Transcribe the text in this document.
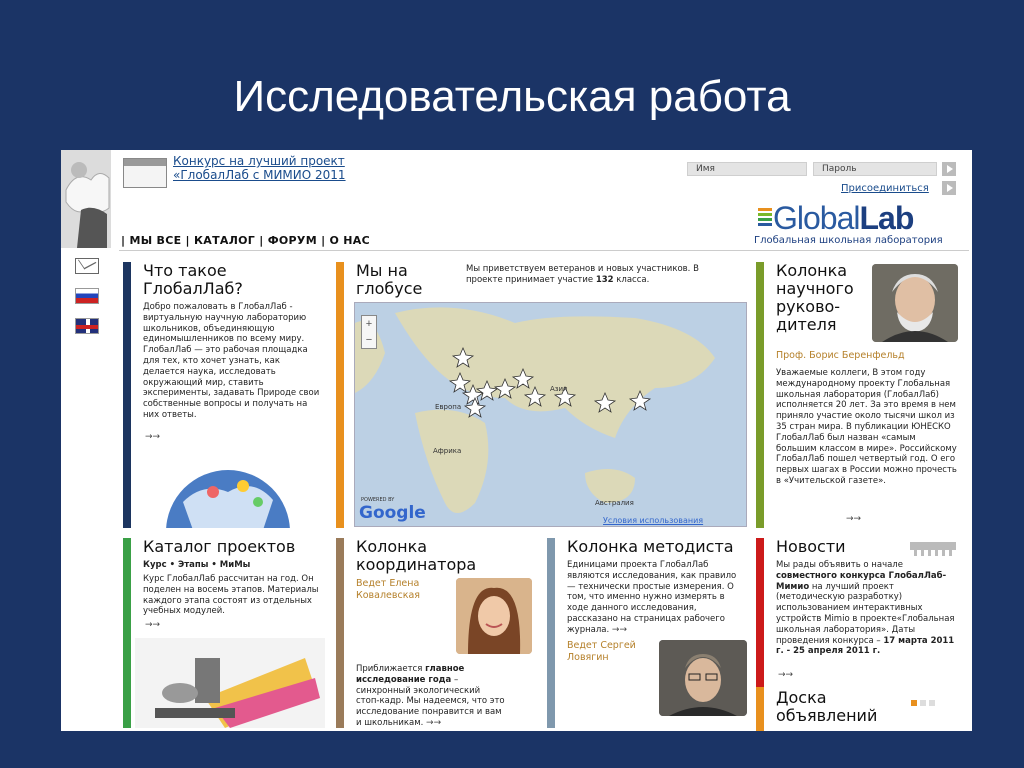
Исследовательская работа
Конкурс на лучший проект
«ГлобалЛаб с МИМИО 2011	Имя	Пароль
Присоединиться
GlobalLab
Глобальная школьная лаборатория
| МЫ ВСЕ | КАТАЛОГ | ФОРУМ | О НАС
Что такое ГлобалЛаб?
Добро пожаловать в ГлобалЛаб - виртуальную научную лабораторию школьников, объединяющую единомышленников по всему миру. ГлобалЛаб — это рабочая площадка для тех, кто хочет узнать, как делается наука, исследовать окружающий мир, ставить эксперименты, задавать Природе свои собственные вопросы и получать на них ответы.
→→
Мы на глобусе
Мы приветствуем ветеранов и новых участников. В проекте принимает участие 132 класса.
+
−
Европа
Азия
Африка
Австралия
POWERED BY
Google	Условия использования
Колонка научного руково-дителя
Проф. Борис Беренфельд
Уважаемые коллеги, В этом году международному проекту Глобальная школьная лаборатория (ГлобалЛаб) исполняется 20 лет. За это время в нем приняло участие около тысячи школ из 35 стран мира. В публикации ЮНЕСКО ГлобалЛаб был назван «самым большим классом в мире». Российскому ГлобалЛаб пошел четвертый год. О его первых шагах в России можно прочесть в «Учительской газете».
→→
Каталог проектов
Курс • Этапы • МиМы
Курс ГлобалЛаб рассчитан на год. Он поделен на восемь этапов. Материалы каждого этапа состоят из отдельных учебных модулей.
→→
Колонка координатора
Ведет Елена
Ковалевская
Приближается главное исследование года – синхронный экологический стоп-кадр. Мы надеемся, что это исследование понравится и вам и школьникам. →→
Колонка методиста
Единицами проекта ГлобалЛаб являются исследования, как правило — технически простые измерения. О том, что именно нужно измерять в ходе данного исследования, рассказано на страницах рабочего журнала. →→
Ведет Сергей
Ловягин
Новости
Мы рады объявить о начале совместного конкурса ГлобалЛаб-Мимио на лучший проект (методическую разработку) использованием интерактивных устройств Mimio в проекте«Глобальная школьная лаборатория». Даты проведения конкурса – 17 марта 2011 г. - 25 апреля 2011 г.
→→
Доска объявлений
